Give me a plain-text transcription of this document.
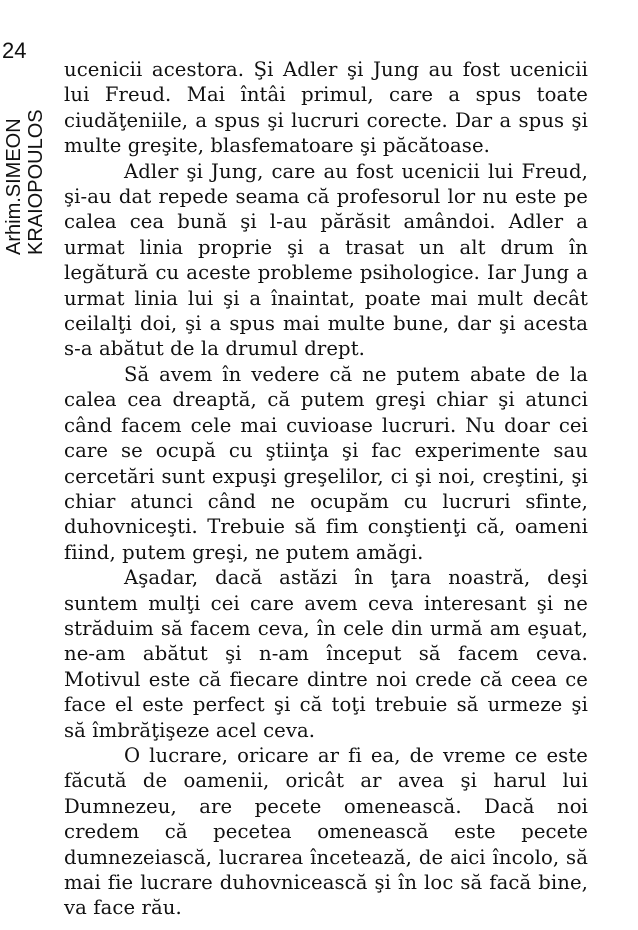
24
Arhim.SIMEON KRAIOPOULOS

ucenicii acestora. Şi Adler şi Jung au fost ucenicii lui Freud. Mai întâi primul, care a spus toate ciudăţeniile, a spus şi lucruri corecte. Dar a spus şi multe greşite, blasfematoare şi păcătoase.

Adler şi Jung, care au fost ucenicii lui Freud, şi-au dat repede seama că profesorul lor nu este pe calea cea bună şi l-au părăsit amândoi. Adler a urmat linia proprie şi a trasat un alt drum în legătură cu aceste probleme psihologice. Iar Jung a urmat linia lui şi a înaintat, poate mai mult decât ceilalţi doi, şi a spus mai multe bune, dar şi acesta s-a abătut de la drumul drept.

Să avem în vedere că ne putem abate de la calea cea dreaptă, că putem greşi chiar şi atunci când facem cele mai cuvioase lucruri. Nu doar cei care se ocupă cu ştiinţa şi fac experimente sau cercetări sunt expuşi greşelilor, ci şi noi, creştini, şi chiar atunci când ne ocupăm cu lucruri sfinte, duhovniceşti. Trebuie să fim conştienţi că, oameni fiind, putem greşi, ne putem amăgi.

Aşadar, dacă astăzi în ţara noastră, deşi suntem mulţi cei care avem ceva interesant şi ne străduim să facem ceva, în cele din urmă am eşuat, ne-am abătut şi n-am început să facem ceva. Motivul este că fiecare dintre noi crede că ceea ce face el este perfect şi că toţi trebuie să urmeze şi să îmbrăţişeze acel ceva.

O lucrare, oricare ar fi ea, de vreme ce este făcută de oamenii, oricât ar avea şi harul lui Dumnezeu, are pecete omenească. Dacă noi credem că pecetea omenească este pecete dumnezeiască, lucrarea încetează, de aici încolo, să mai fie lucrare duhovnicească şi în loc să facă bine, va face rău.
